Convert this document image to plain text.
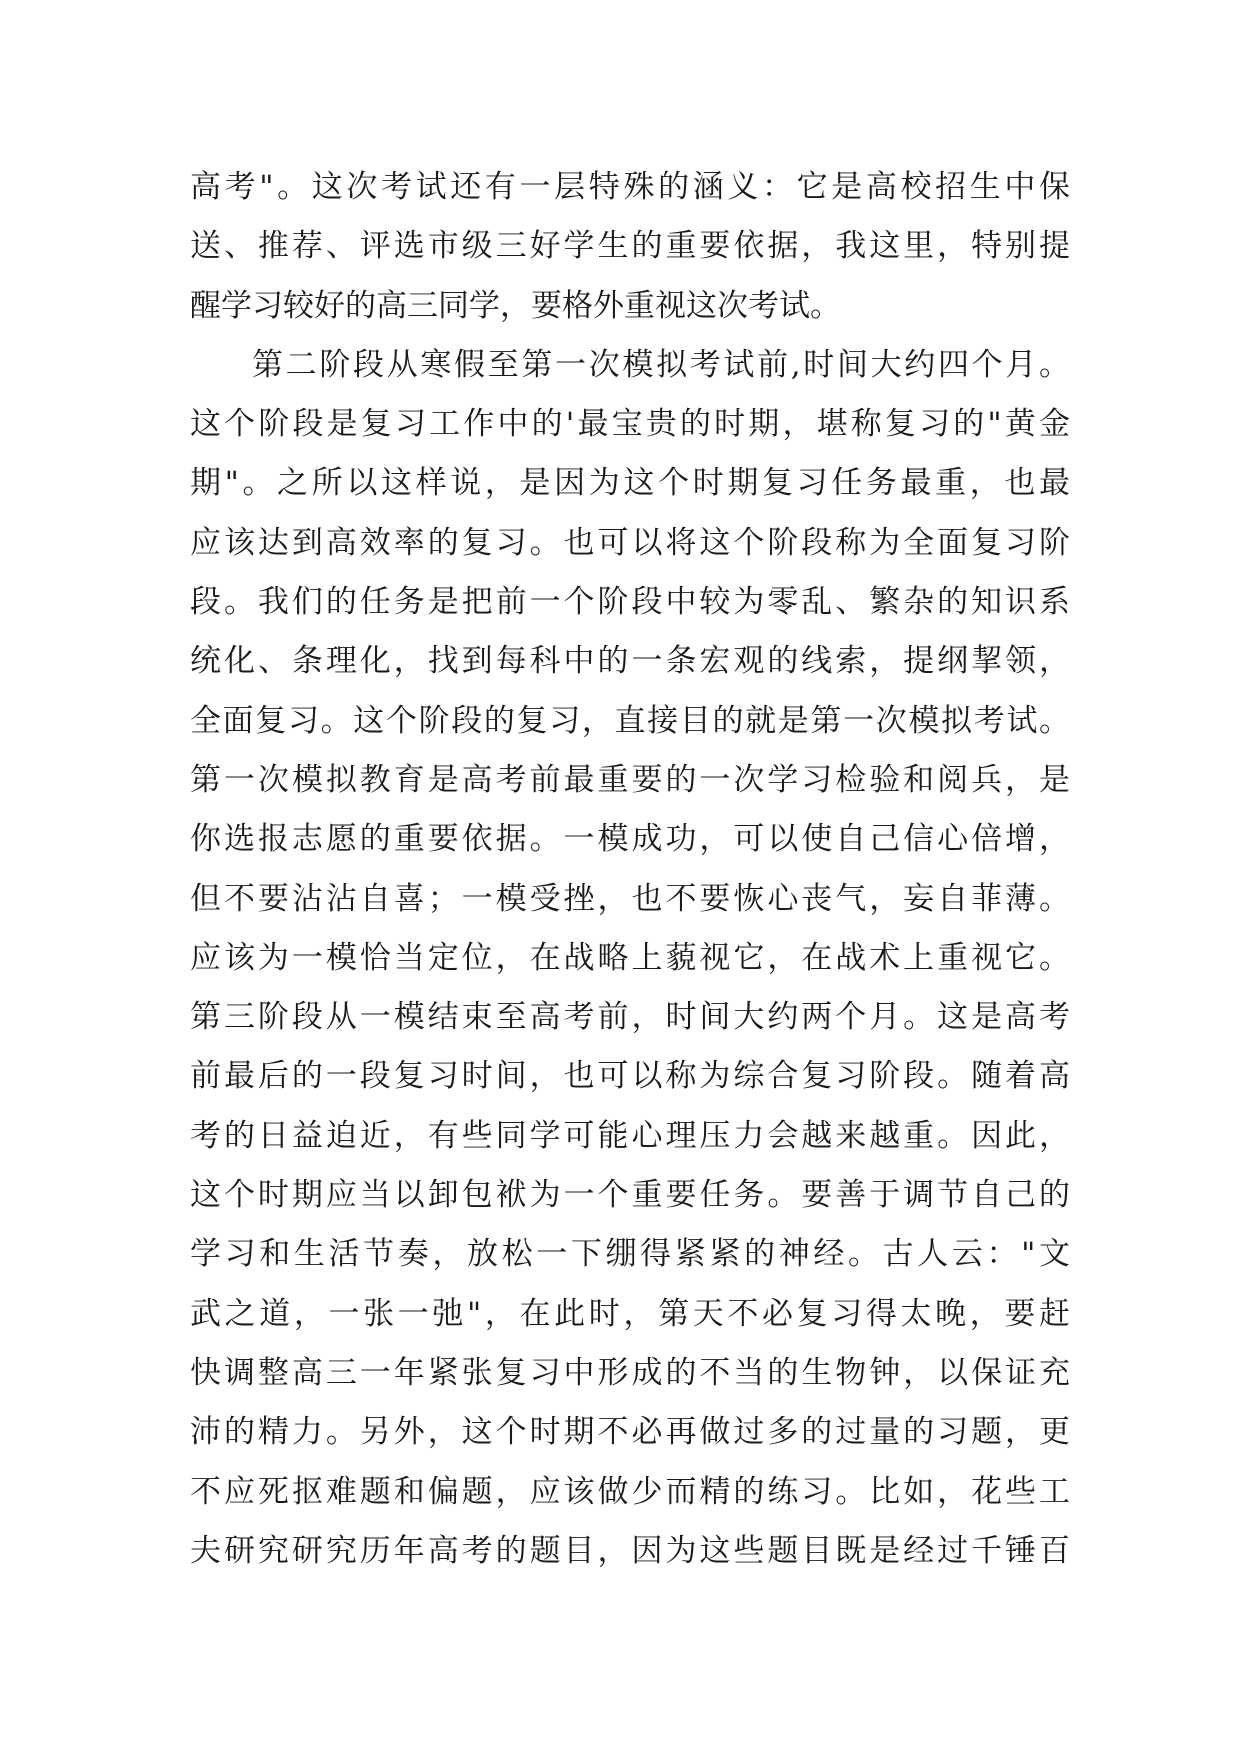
高考"。这次考试还有一层特殊的涵义：它是高校招生中保
送、推荐、评选市级三好学生的重要依据，我这里，特别提
醒学习较好的高三同学，要格外重视这次考试。
第二阶段从寒假至第一次模拟考试前,时间大约四个月。
这个阶段是复习工作中的'最宝贵的时期，堪称复习的"黄金
期"。之所以这样说，是因为这个时期复习任务最重，也最
应该达到高效率的复习。也可以将这个阶段称为全面复习阶
段。我们的任务是把前一个阶段中较为零乱、繁杂的知识系
统化、条理化，找到每科中的一条宏观的线索，提纲挈领，
全面复习。这个阶段的复习，直接目的就是第一次模拟考试。
第一次模拟教育是高考前最重要的一次学习检验和阅兵，是
你选报志愿的重要依据。一模成功，可以使自己信心倍增，
但不要沾沾自喜；一模受挫，也不要恢心丧气，妄自菲薄。
应该为一模恰当定位，在战略上藐视它，在战术上重视它。
第三阶段从一模结束至高考前，时间大约两个月。这是高考
前最后的一段复习时间，也可以称为综合复习阶段。随着高
考的日益迫近，有些同学可能心理压力会越来越重。因此，
这个时期应当以卸包袱为一个重要任务。要善于调节自己的
学习和生活节奏，放松一下绷得紧紧的神经。古人云："文
武之道，一张一弛"，在此时，第天不必复习得太晚，要赶
快调整高三一年紧张复习中形成的不当的生物钟，以保证充
沛的精力。另外，这个时期不必再做过多的过量的习题，更
不应死抠难题和偏题，应该做少而精的练习。比如，花些工
夫研究研究历年高考的题目，因为这些题目既是经过千锤百
